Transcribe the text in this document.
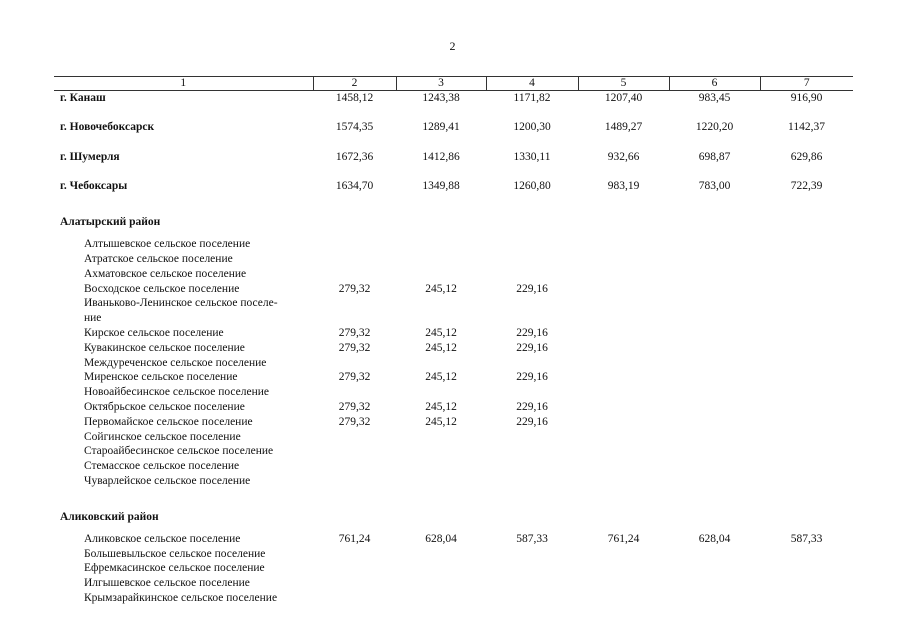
2
1	2	3	4	5	6	7
г. Канаш	1458,12	1243,38	1171,82	1207,40	983,45	916,90
г. Новочебоксарск	1574,35	1289,41	1200,30	1489,27	1220,20	1142,37
г. Шумерля	1672,36	1412,86	1330,11	932,66	698,87	629,86
г. Чебоксары	1634,70	1349,88	1260,80	983,19	783,00	722,39
Алатырский район						

Алтышевское сельское поселение						

Атратское сельское поселение						

Ахматовское сельское поселение						

Восходское сельское поселение	279,32	245,12	229,16			

Иваньково-Ленинское сельское поселе-
ние						

Кирское сельское поселение	279,32	245,12	229,16			

Кувакинское сельское поселение	279,32	245,12	229,16			

Междуреченское сельское поселение						

Миренское сельское поселение	279,32	245,12	229,16			

Новоайбесинское сельское поселение						

Октябрьское сельское поселение	279,32	245,12	229,16			

Первомайское сельское поселение	279,32	245,12	229,16			

Сойгинское сельское поселение						

Староайбесинское сельское поселение						

Стемасское сельское поселение						

Чуварлейское сельское поселение						

Аликовский район						

Аликовское сельское поселение	761,24	628,04	587,33	761,24	628,04	587,33

Большевыльское сельское поселение						

Ефремкасинское сельское поселение						

Илгышевское сельское поселение						

Крымзарайкинское сельское поселение						
